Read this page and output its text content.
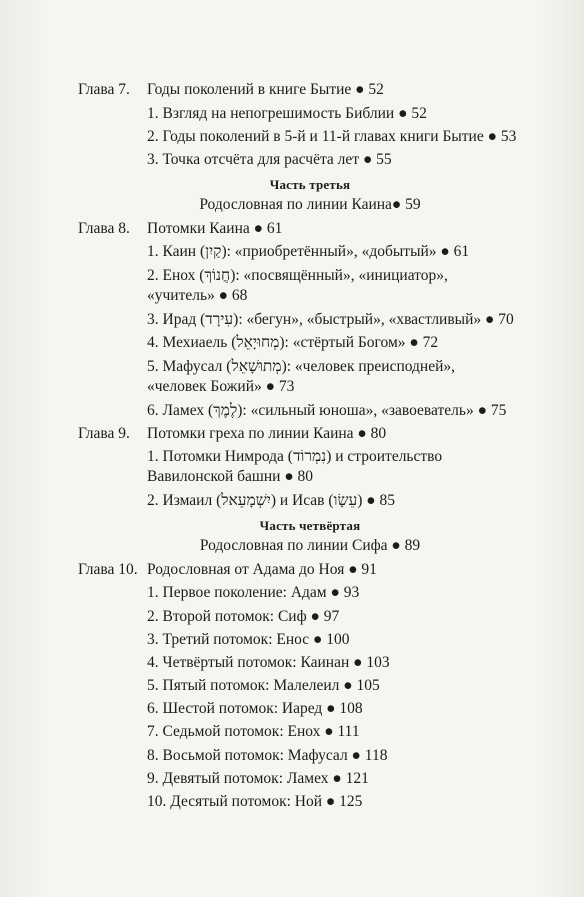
Глава 7. Годы поколений в книге Бытие ● 52
1. Взгляд на непогрешимость Библии ● 52
2. Годы поколений в 5-й и 11-й главах книги Бытие ● 53
3. Точка отсчёта для расчёта лет ● 55
Часть третья
Родословная по линии Каина● 59
Глава 8. Потомки Каина ● 61
1. Каин (קַיִן): «приобретённый», «добытый» ● 61
2. Енох (חֲנוֹךְ): «посвящённый», «инициатор»,
«учитель» ● 68
3. Ирад (עִירָד): «бегун», «быстрый», «хвастливый» ● 70
4. Мехиаель (מְחוּיָאֵל): «стёртый Богом» ● 72
5. Мафусал (מְתוּשָׁאֵל): «человек преисподней»,
«человек Божий» ● 73
6. Ламех (לֶמֶךְ): «сильный юноша», «завоеватель» ● 75
Глава 9. Потомки греха по линии Каина ● 80
1. Потомки Нимрода (נִמְרוֹד) и строительство
Вавилонской башни ● 80
2. Измаил (יִשְׁמָעֵאל) и Исав (עֵשָׂו) ● 85
Часть четвёртая
Родословная по линии Сифа ● 89
Глава 10. Родословная от Адама до Ноя ● 91
1. Первое поколение: Адам ● 93
2. Второй потомок: Сиф ● 97
3. Третий потомок: Енос ● 100
4. Четвёртый потомок: Каинан ● 103
5. Пятый потомок: Малелеил ● 105
6. Шестой потомок: Иаред ● 108
7. Седьмой потомок: Енох ● 111
8. Восьмой потомок: Мафусал ● 118
9. Девятый потомок: Ламех ● 121
10. Десятый потомок: Ной ● 125
